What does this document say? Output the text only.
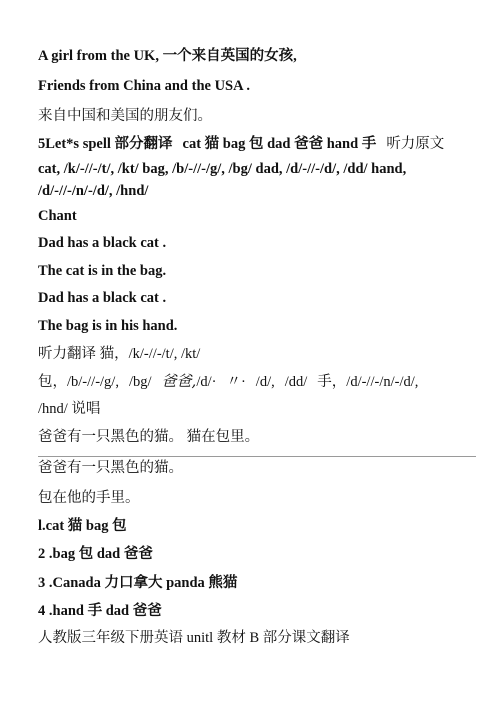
A girl from the UK, 一个来自英国的女孩,
Friends from China and the USA .
来自中国和美国的朋友们。
5Let*s spell 部分翻译 cat 猫 bag 包 dad 爸爸 hand 手 听力原文
cat, /k/-//-/t/, /kt/ bag, /b/-//-/g/, /bg/ dad, /d/-//-/d/, /dd/ hand, /d/-//-/n/-/d/, /hnd/
Chant
Dad has a black cat .
The cat is in the bag.
Dad has a black cat .
The bag is in his hand.
听力翻译 猫，/k/-//-/t/, /kt/
包，/b/-//-/g/, /bg/ 爸爸,/d/· 〃· /d/, /dd/ 手，/d/-//-/n/-/d/,
/hnd/ 说唱
爸爸有一只黑色的猫。 猫在包里。
爸爸有一只黑色的猫。
包在他的手里。
l.cat 猫 bag 包
2 .bag 包 dad 爸爸
3 .Canada 力口拿大 panda 熊猫
4 .hand 手 dad 爸爸
人教版三年级下册英语 unitl 教材 B 部分课文翻译
